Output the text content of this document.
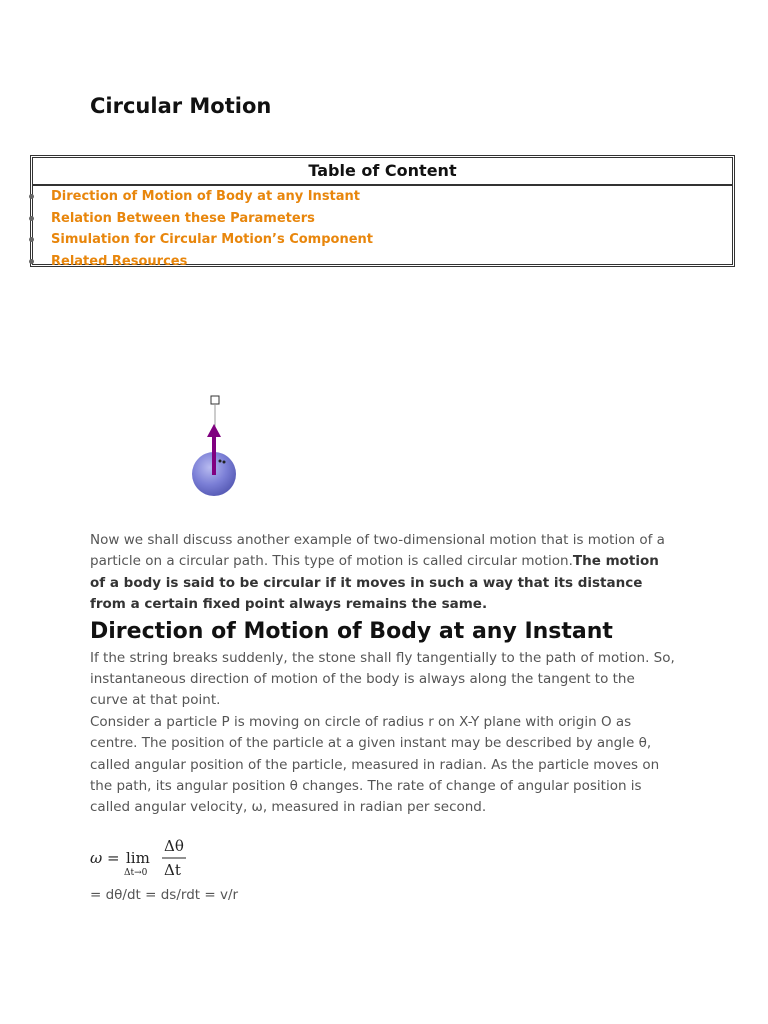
Circular Motion
Table of Content
Direction of Motion of Body at any Instant
Relation Between these Parameters
Simulation for Circular Motion’s Component
Related Resources

Now we shall discuss another example of two-dimensional motion that is motion of a particle on a circular path. This type of motion is called circular motion.The motion of a body is said to be circular if it moves in such a way that its distance from a certain fixed point always remains the same.

Direction of Motion of Body at any Instant

If the string breaks suddenly, the stone shall fly tangentially to the path of motion. So, instantaneous direction of motion of the body is always along the tangent to the curve at that point.

Consider a particle P is moving on circle of radius r on X-Y plane with origin O as centre. The position of the particle at a given instant may be described by angle θ, called angular position of the particle, measured in radian. As the particle moves on the path, its angular position θ changes. The rate of change of angular position is called angular velocity, ω, measured in radian per second.

ω = lim
Δt→0
Δθ
Δt

= dθ/dt = ds/rdt = v/r
